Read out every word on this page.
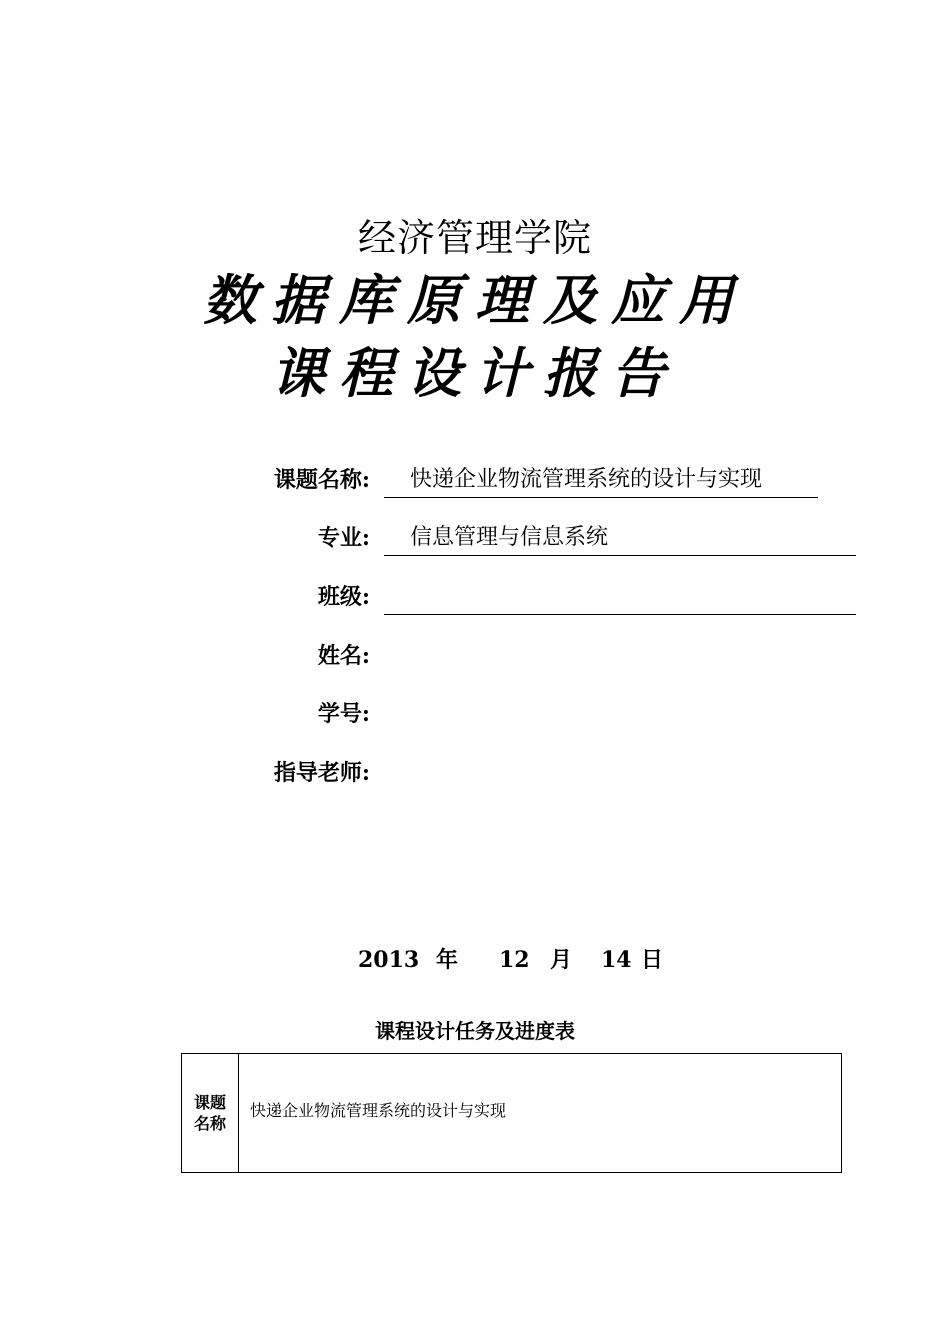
经济管理学院
数据库原理及应用
课程设计报告
课题名称:	快递企业物流管理系统的设计与实现
专业:	信息管理与信息系统
班级:
姓名:
学号:
指导老师:
2013 年 12 月 14 日
课程设计任务及进度表
课题
名称
快递企业物流管理系统的设计与实现
